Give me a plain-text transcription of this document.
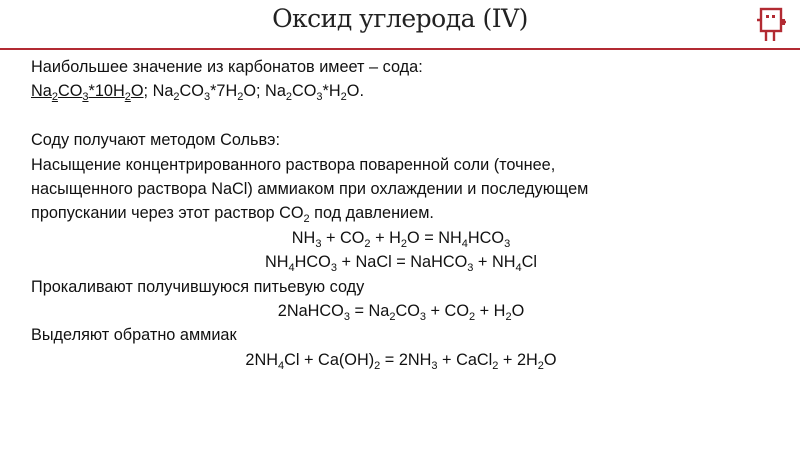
Оксид углерода (IV)
Наибольшее значение из карбонатов имеет – сода:
$Na_2CO_3*10H_2O$; $Na_2CO_3*7H_2O$; $Na_2CO_3*H_2O$.
Соду получают методом Сольвэ:
Насыщение концентрированного раствора поваренной соли (точнее,
насыщенного раствора NaCl) аммиаком при охлаждении и последующем
пропускании через этот раствор $CO_2$ под давлением.
$NH_3 + CO_2 + H_2O = NH_4HCO_3$
$NH_4HCO_3$ + NaCl = NaHCO$_3$ + $NH_4Cl$
Прокаливают получившуюся питьевую соду
2NaHCO$_3$ = $Na_2CO_3 + CO_2 + H_2O$
Выделяют обратно аммиак
$2NH_4Cl + Ca(OH)_2 = 2NH_3$ + CaCl$_2$ + $2H_2O$
